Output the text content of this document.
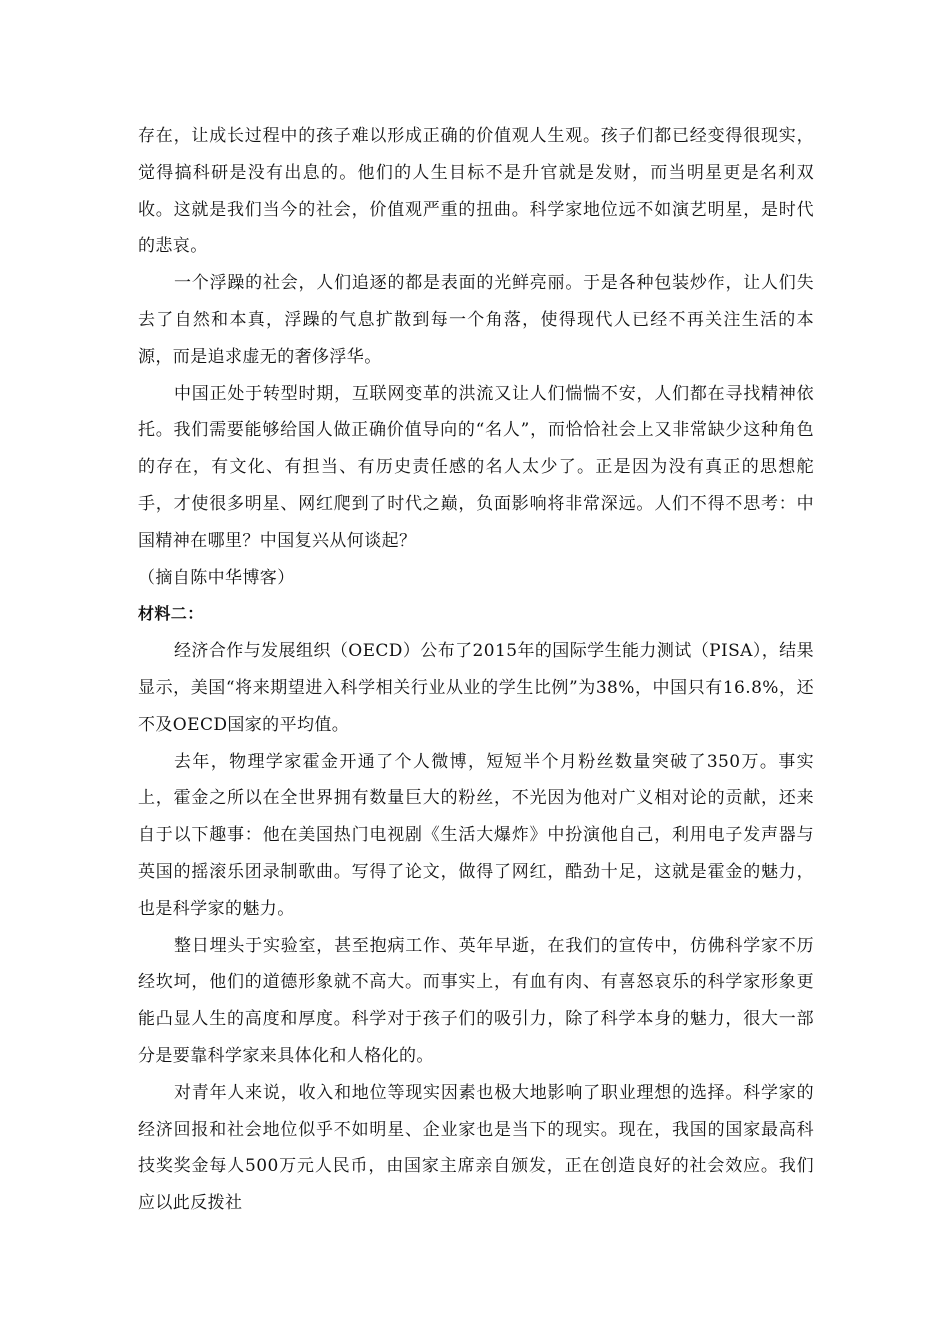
存在，让成长过程中的孩子难以形成正确的价值观人生观。孩子们都已经变得很现实，觉得搞科研是没有出息的。他们的人生目标不是升官就是发财，而当明星更是名利双收。这就是我们当今的社会，价值观严重的扭曲。科学家地位远不如演艺明星，是时代的悲哀。

一个浮躁的社会，人们追逐的都是表面的光鲜亮丽。于是各种包装炒作，让人们失去了自然和本真，浮躁的气息扩散到每一个角落，使得现代人已经不再关注生活的本源，而是追求虚无的奢侈浮华。

中国正处于转型时期，互联网变革的洪流又让人们惴惴不安，人们都在寻找精神依托。我们需要能够给国人做正确价值导向的“名人”，而恰恰社会上又非常缺少这种角色的存在，有文化、有担当、有历史责任感的名人太少了。正是因为没有真正的思想舵手，才使很多明星、网红爬到了时代之巅，负面影响将非常深远。人们不得不思考：中国精神在哪里？中国复兴从何谈起？

（摘自陈中华博客）

材料二：

经济合作与发展组织（OECD）公布了2015年的国际学生能力测试（PISA），结果显示，美国“将来期望进入科学相关行业从业的学生比例”为38%，中国只有16.8%，还不及OECD国家的平均值。

去年，物理学家霍金开通了个人微博，短短半个月粉丝数量突破了350万。事实上，霍金之所以在全世界拥有数量巨大的粉丝，不光因为他对广义相对论的贡献，还来自于以下趣事：他在美国热门电视剧《生活大爆炸》中扮演他自己，利用电子发声器与英国的摇滚乐团录制歌曲。写得了论文，做得了网红，酷劲十足，这就是霍金的魅力，也是科学家的魅力。

整日埋头于实验室，甚至抱病工作、英年早逝，在我们的宣传中，仿佛科学家不历经坎坷，他们的道德形象就不高大。而事实上，有血有肉、有喜怒哀乐的科学家形象更能凸显人生的高度和厚度。科学对于孩子们的吸引力，除了科学本身的魅力，很大一部分是要靠科学家来具体化和人格化的。

对青年人来说，收入和地位等现实因素也极大地影响了职业理想的选择。科学家的经济回报和社会地位似乎不如明星、企业家也是当下的现实。现在，我国的国家最高科技奖奖金每人500万元人民币，由国家主席亲自颁发，正在创造良好的社会效应。我们应以此反拨社
